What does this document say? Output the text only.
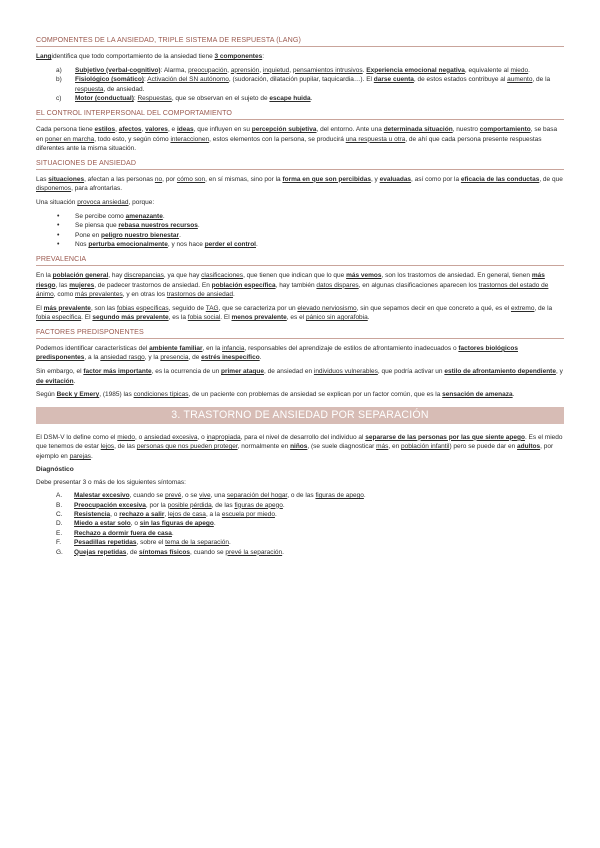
COMPONENTES DE LA ANSIEDAD, TRIPLE SISTEMA DE RESPUESTA (LANG)

Langidentifica que todo comportamiento de la ansiedad tiene 3 componentes:

a) Subjetivo (verbal-cognitivo): Alarma, preocupación, aprensión, inquietud, pensamientos intrusivos. Experiencia emocional negativa, equivalente al miedo.
b) Fisiológico (somático): Activación del SN autónomo, (sudoración, dilatación pupilar, taquicardia…). El darse cuenta, de estos estados contribuye al aumento, de la respuesta, de ansiedad.
c) Motor (conductual): Respuestas, que se observan en el sujeto de escape huida.
EL CONTROL INTERPERSONAL DEL COMPORTAMIENTO

Cada persona tiene estilos, afectos, valores, e ideas, que influyen en su percepción subjetiva, del entorno. Ante una determinada situación, nuestro comportamiento, se basa en poner en marcha, todo esto, y según cómo interaccionen, estos elementos con la persona, se producirá una respuesta u otra, de ahí que cada persona presente respuestas diferentes ante la misma situación.

SITUACIONES DE ANSIEDAD

Las situaciones, afectan a las personas no, por cómo son, en sí mismas, sino por la forma en que son percibidas, y evaluadas, así como por la eficacia de las conductas, de que disponemos, para afrontarlas.

Una situación provoca ansiedad, porque:

• Se percibe como amenazante.
• Se piensa que rebasa nuestros recursos.
• Pone en peligro nuestro bienestar.
• Nos perturba emocionalmente, y nos hace perder el control.
PREVALENCIA

En la población general, hay discrepancias, ya que hay clasificaciones, que tienen que indican que lo que más vemos, son los trastornos de ansiedad. En general, tienen más riesgo, las mujeres, de padecer trastornos de ansiedad. En población específica, hay también datos dispares, en algunas clasificaciones aparecen los trastornos del estado de ánimo, como más prevalentes, y en otras los trastornos de ansiedad.

El más prevalente, son las fobias específicas, seguido de TAG, que se caracteriza por un elevado nerviosismo, sin que sepamos decir en que concreto a qué, es el extremo, de la fobia específica. El segundo más prevalente, es la fobia social. El menos prevalente, es el pánico sin agorafobia.

FACTORES PREDISPONENTES

Podemos identificar características del ambiente familiar, en la infancia, responsables del aprendizaje de estilos de afrontamiento inadecuados o factores biológicos predisponentes, a la ansiedad rasgo, y la presencia, de estrés inespecífico.

Sin embargo, el factor más importante, es la ocurrencia de un primer ataque, de ansiedad en individuos vulnerables, que podría activar un estilo de afrontamiento dependiente, y de evitación.

Según Beck y Emery, (1985) las condiciones típicas, de un paciente con problemas de ansiedad se explican por un factor común, que es la sensación de amenaza.

3. TRASTORNO DE ANSIEDAD POR SEPARACIÓN

El DSM-V lo define como el miedo, o ansiedad excesiva, o inapropiada, para el nivel de desarrollo del individuo al separarse de las personas por las que siente apego. Es el miedo que tenemos de estar lejos, de las personas que nos pueden proteger, normalmente en niños, (se suele diagnosticar más, en población infantil) pero se puede dar en adultos, por ejemplo en parejas.

Diagnóstico

Debe presentar 3 o más de los siguientes síntomas:

A. Malestar excesivo, cuando se prevé, o se vive, una separación del hogar, o de las figuras de apego.
B. Preocupación excesiva, por la posible pérdida, de las figuras de apego.
C. Resistencia, o rechazo a salir, lejos de casa, a la escuela por miedo.
D. Miedo a estar solo, o sin las figuras de apego.
E. Rechazo a dormir fuera de casa.
F. Pesadillas repetidas, sobre el tema de la separación.
G. Quejas repetidas, de síntomas físicos, cuando se prevé la separación.
